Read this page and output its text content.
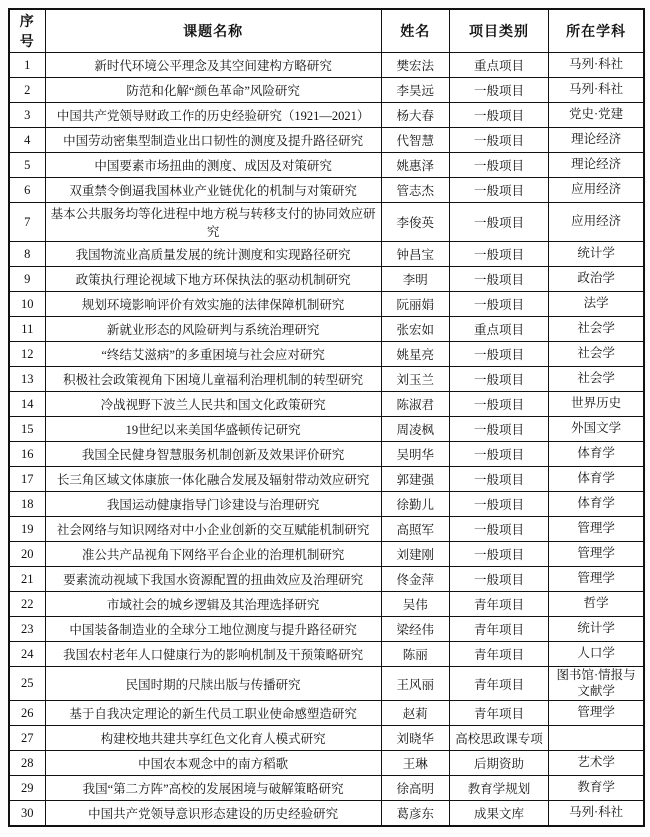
序号	课题名称	姓名	项目类别	所在学科
1	新时代环境公平理念及其空间建构方略研究	樊宏法	重点项目	马列·科社
2	防范和化解“颜色革命”风险研究	李昊远	一般项目	马列·科社
3	中国共产党领导财政工作的历史经验研究（1921—2021）	杨大春	一般项目	党史·党建
4	中国劳动密集型制造业出口韧性的测度及提升路径研究	代智慧	一般项目	理论经济
5	中国要素市场扭曲的测度、成因及对策研究	姚惠泽	一般项目	理论经济
6	双重禁令倒逼我国林业产业链优化的机制与对策研究	管志杰	一般项目	应用经济
7	基本公共服务均等化进程中地方税与转移支付的协同效应研究	李俊英	一般项目	应用经济
8	我国物流业高质量发展的统计测度和实现路径研究	钟昌宝	一般项目	统计学
9	政策执行理论视域下地方环保执法的驱动机制研究	李明	一般项目	政治学
10	规划环境影响评价有效实施的法律保障机制研究	阮丽娟	一般项目	法学
11	新就业形态的风险研判与系统治理研究	张宏如	重点项目	社会学
12	“终结艾滋病”的多重困境与社会应对研究	姚星亮	一般项目	社会学
13	积极社会政策视角下困境儿童福利治理机制的转型研究	刘玉兰	一般项目	社会学
14	冷战视野下波兰人民共和国文化政策研究	陈淑君	一般项目	世界历史
15	19世纪以来美国华盛顿传记研究	周凌枫	一般项目	外国文学
16	我国全民健身智慧服务机制创新及效果评价研究	吴明华	一般项目	体育学
17	长三角区域文体康旅一体化融合发展及辐射带动效应研究	郭建强	一般项目	体育学
18	我国运动健康指导门诊建设与治理研究	徐勤儿	一般项目	体育学
19	社会网络与知识网络对中小企业创新的交互赋能机制研究	高照军	一般项目	管理学
20	准公共产品视角下网络平台企业的治理机制研究	刘建刚	一般项目	管理学
21	要素流动视域下我国水资源配置的扭曲效应及治理研究	佟金萍	一般项目	管理学
22	市域社会的城乡逻辑及其治理选择研究	吴伟	青年项目	哲学
23	中国装备制造业的全球分工地位测度与提升路径研究	梁经伟	青年项目	统计学
24	我国农村老年人口健康行为的影响机制及干预策略研究	陈丽	青年项目	人口学
25	民国时期的尺牍出版与传播研究	王风丽	青年项目	图书馆·情报与文献学
26	基于自我决定理论的新生代员工职业使命感塑造研究	赵莉	青年项目	管理学
27	构建校地共建共享红色文化育人模式研究	刘晓华	高校思政课专项	
28	中国农本观念中的南方稻歌	王琳	后期资助	艺术学
29	我国“第二方阵”高校的发展困境与破解策略研究	徐高明	教育学规划	教育学
30	中国共产党领导意识形态建设的历史经验研究	葛彦东	成果文库	马列·科社
